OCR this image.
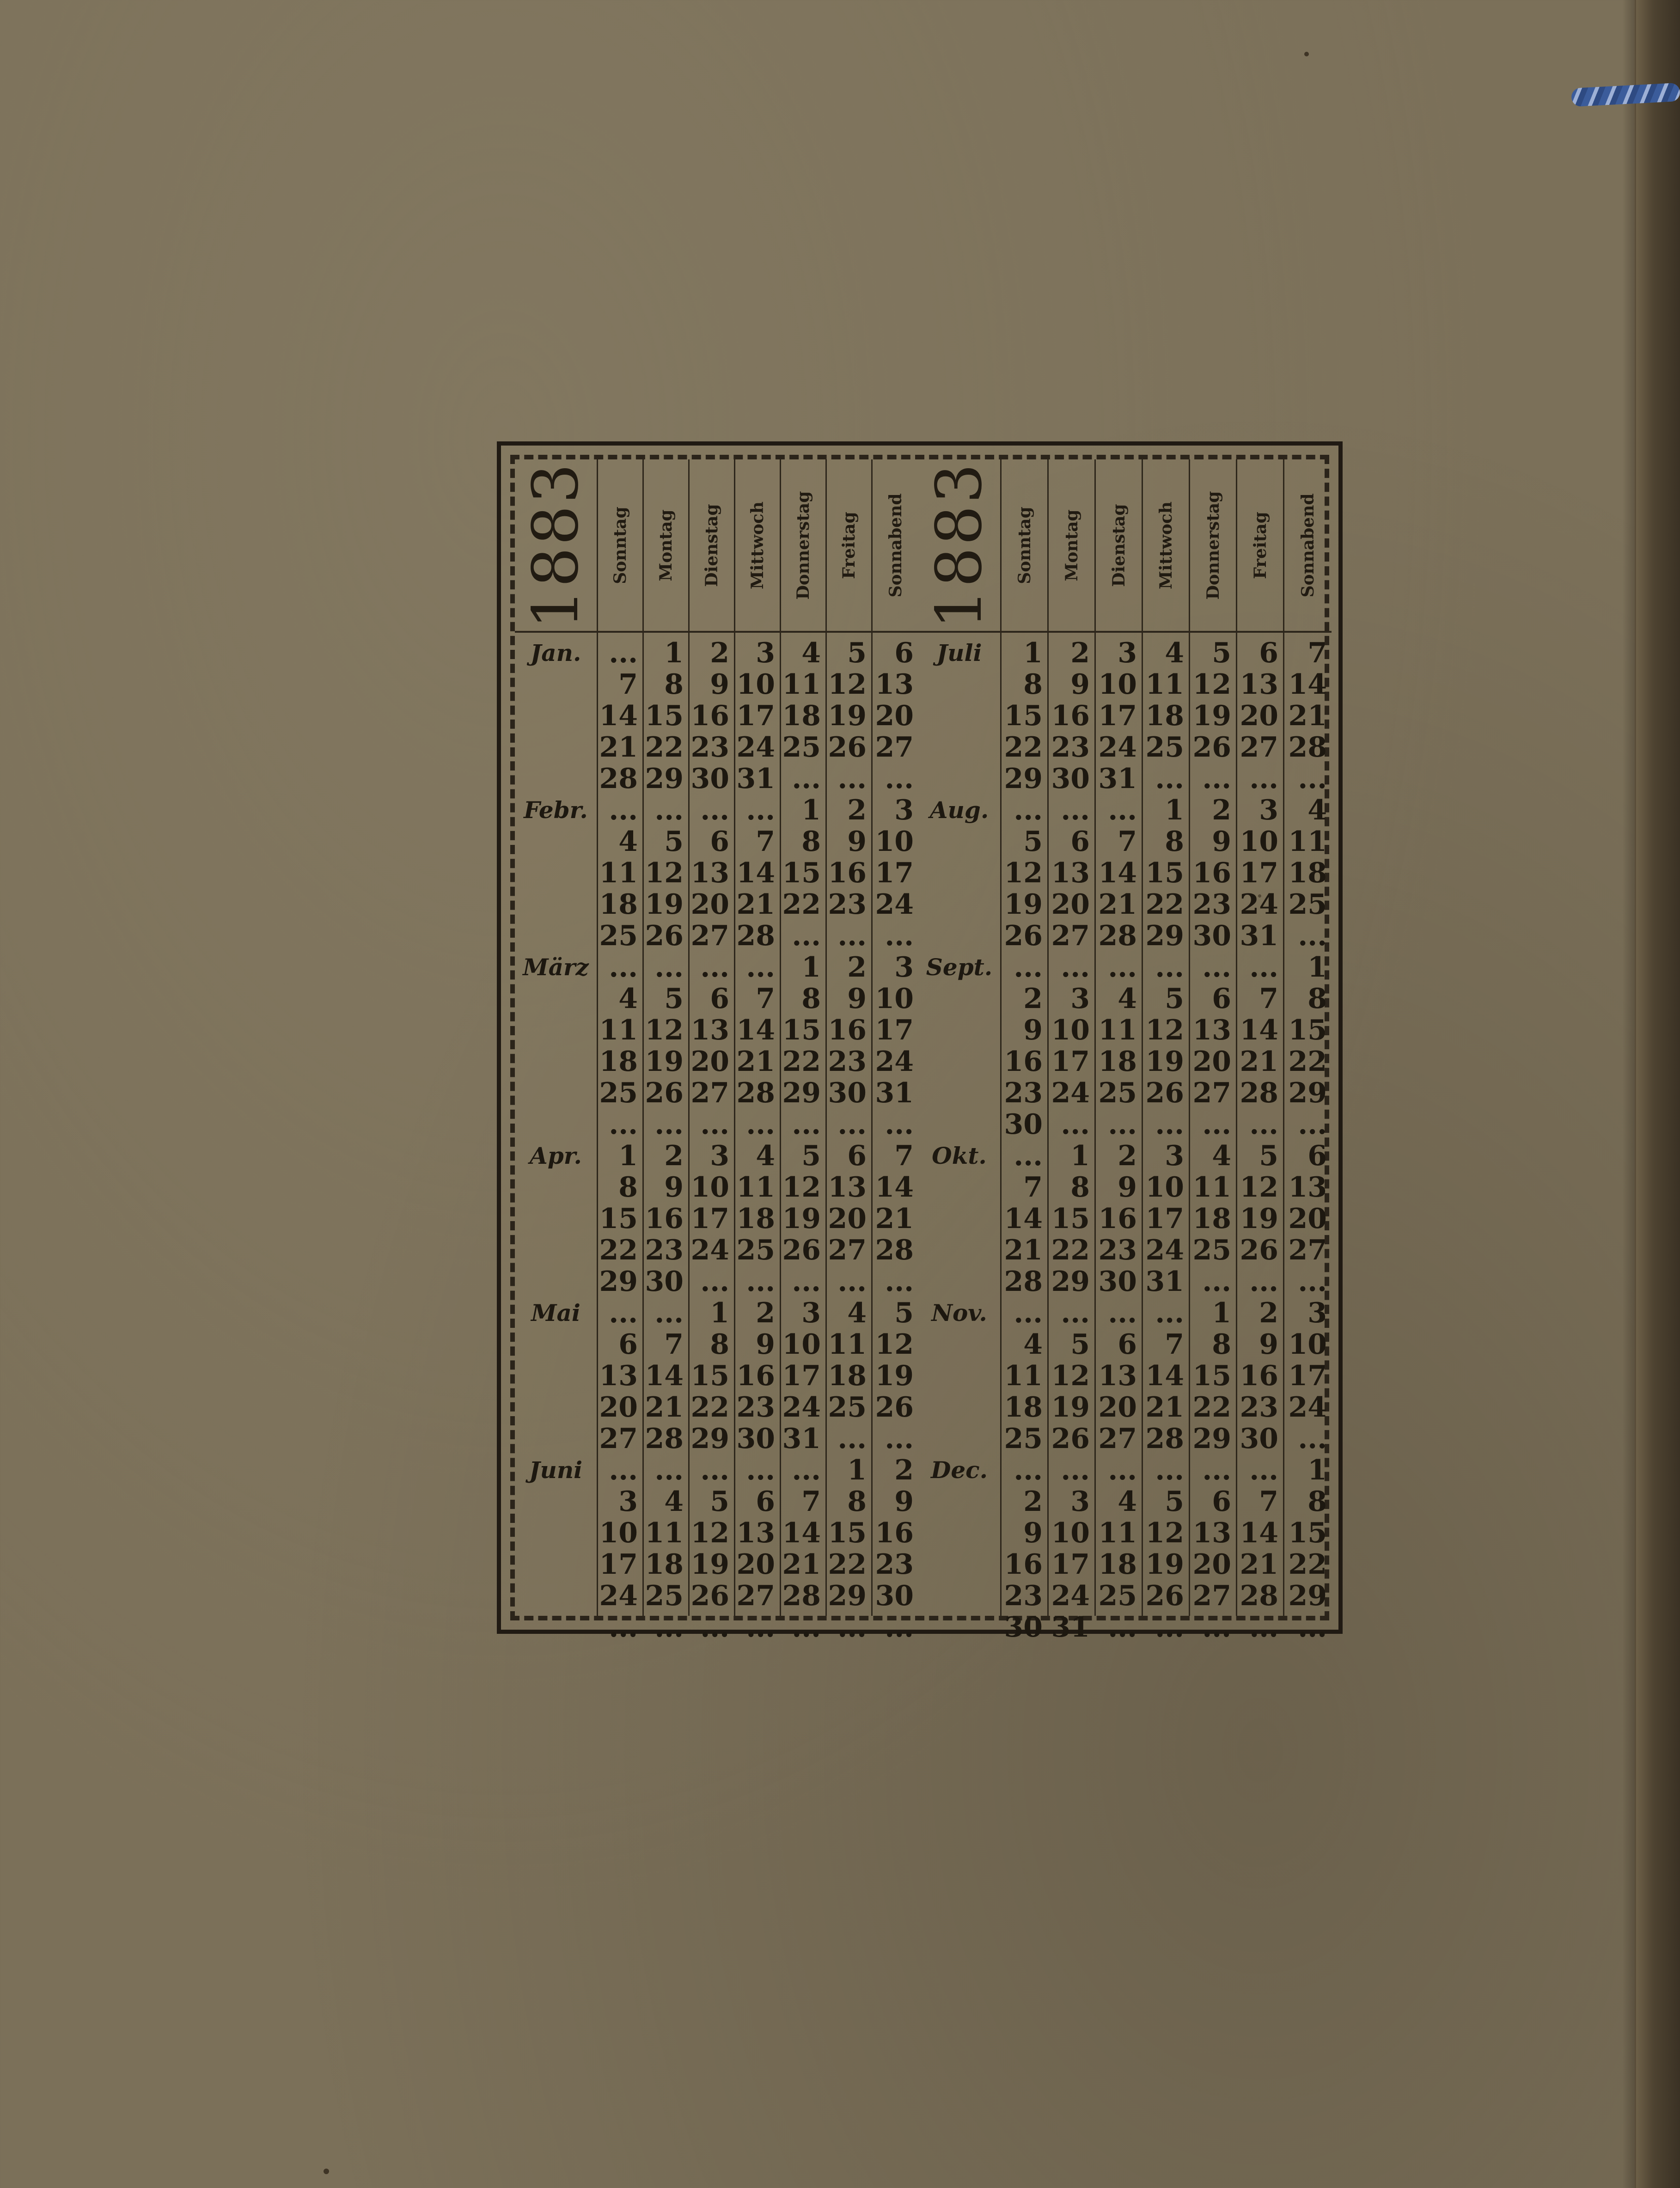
1883
Jan.
Febr.
März
Apr.
Mai
Juni
Sonntag
...
7
14
21
28
...
4
11
18
25
...
4
11
18
25
...
1
8
15
22
29
...
6
13
20
27
...
3
10
17
24
...
Montag
1
8
15
22
29
...
5
12
19
26
...
5
12
19
26
...
2
9
16
23
30
...
7
14
21
28
...
4
11
18
25
...
Dienstag
2
9
16
23
30
...
6
13
20
27
...
6
13
20
27
...
3
10
17
24
...
1
8
15
22
29
...
5
12
19
26
...
Mittwoch
3
10
17
24
31
...
7
14
21
28
...
7
14
21
28
...
4
11
18
25
...
2
9
16
23
30
...
6
13
20
27
...
Donnerstag
4
11
18
25
...
1
8
15
22
...
1
8
15
22
29
...
5
12
19
26
...
3
10
17
24
31
...
7
14
21
28
...
Freitag
5
12
19
26
...
2
9
16
23
...
2
9
16
23
30
...
6
13
20
27
...
4
11
18
25
...
1
8
15
22
29
...
Sonnabend
6
13
20
27
...
3
10
17
24
...
3
10
17
24
31
...
7
14
21
28
...
5
12
19
26
...
2
9
16
23
30
...
1883
Juli
Aug.
Sept.
Okt.
Nov.
Dec.
Sonntag
1
8
15
22
29
...
5
12
19
26
...
2
9
16
23
30
...
7
14
21
28
...
4
11
18
25
...
2
9
16
23
30
Montag
2
9
16
23
30
...
6
13
20
27
...
3
10
17
24
...
1
8
15
22
29
...
5
12
19
26
...
3
10
17
24
31
Dienstag
3
10
17
24
31
...
7
14
21
28
...
4
11
18
25
...
2
9
16
23
30
...
6
13
20
27
...
4
11
18
25
...
Mittwoch
4
11
18
25
...
1
8
15
22
29
...
5
12
19
26
...
3
10
17
24
31
...
7
14
21
28
...
5
12
19
26
...
Donnerstag
5
12
19
26
...
2
9
16
23
30
...
6
13
20
27
...
4
11
18
25
...
1
8
15
22
29
...
6
13
20
27
...
Freitag
6
13
20
27
...
3
10
17
24
31
...
7
14
21
28
...
5
12
19
26
...
2
9
16
23
30
...
7
14
21
28
...
Sonnabend
7
14
21
28
...
4
11
18
25
...
1
8
15
22
29
...
6
13
20
27
...
3
10
17
24
...
1
8
15
22
29
...
